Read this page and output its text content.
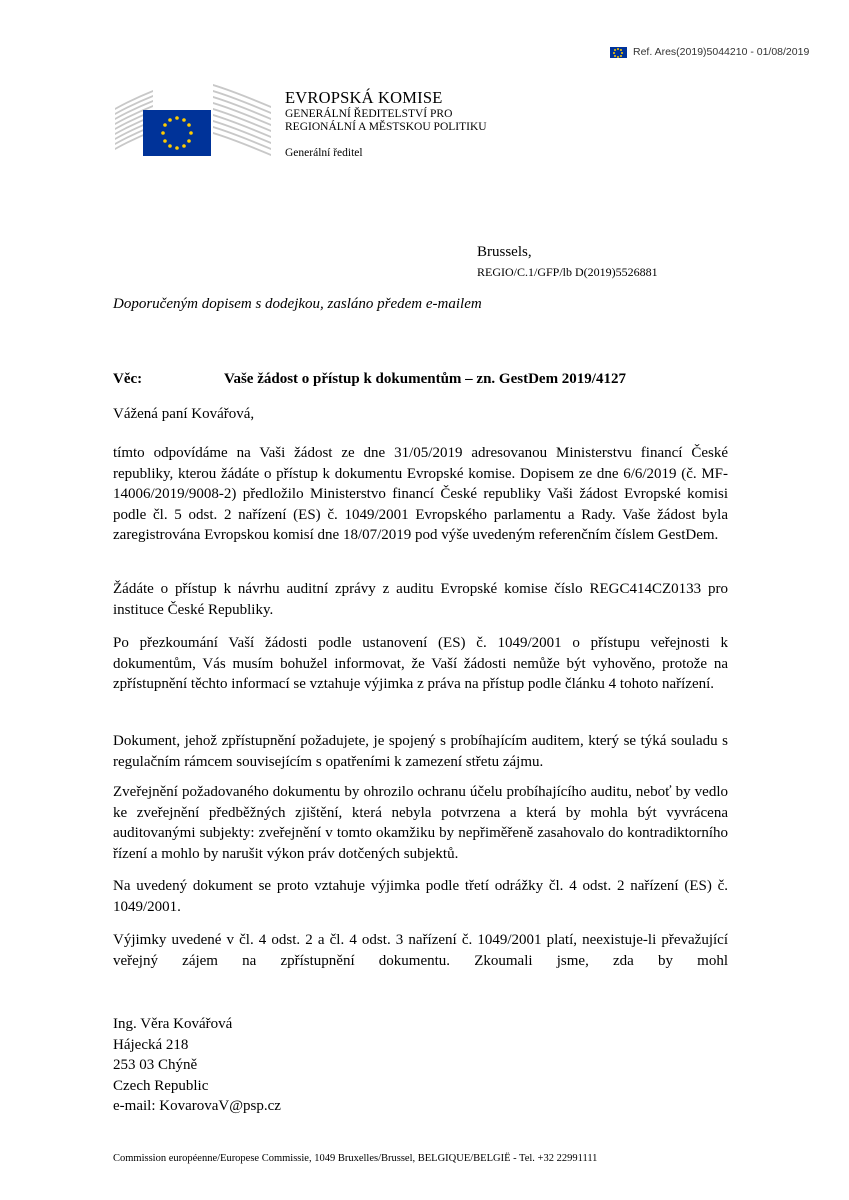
Ref. Ares(2019)5044210 - 01/08/2019
EVROPSKÁ KOMISE
GENERÁLNÍ ŘEDITELSTVÍ PRO
REGIONÁLNÍ A MĚSTSKOU POLITIKU
Generální ředitel
Brussels,
REGIO/C.1/GFP/lb D(2019)5526881
Doporučeným dopisem s dodejkou, zasláno předem e-mailem
Věc:	Vaše žádost o přístup k dokumentům – zn. GestDem 2019/4127
Vážená paní Kovářová,

tímto odpovídáme na Vaši žádost ze dne 31/05/2019 adresovanou Ministerstvu financí České republiky, kterou žádáte o přístup k dokumentu Evropské komise. Dopisem ze dne 6/6/2019 (č. MF-14006/2019/9008-2) předložilo Ministerstvo financí České republiky Vaši žádost Evropské komisi podle čl. 5 odst. 2 nařízení (ES) č. 1049/2001 Evropského parlamentu a Rady. Vaše žádost byla zaregistrována Evropskou komisí dne 18/07/2019 pod výše uvedeným referenčním číslem GestDem.

Žádáte o přístup k návrhu auditní zprávy z auditu Evropské komise číslo REGC414CZ0133 pro instituce České Republiky.

Po přezkoumání Vaší žádosti podle ustanovení (ES) č. 1049/2001 o přístupu veřejnosti k dokumentům, Vás musím bohužel informovat, že Vaší žádosti nemůže být vyhověno, protože na zpřístupnění těchto informací se vztahuje výjimka z práva na přístup podle článku 4 tohoto nařízení.

Dokument, jehož zpřístupnění požadujete, je spojený s probíhajícím auditem, který se týká souladu s regulačním rámcem souvisejícím s opatřeními k zamezení střetu zájmu.

Zveřejnění požadovaného dokumentu by ohrozilo ochranu účelu probíhajícího auditu, neboť by vedlo ke zveřejnění předběžných zjištění, která nebyla potvrzena a která by mohla být vyvrácena auditovanými subjekty: zveřejnění v tomto okamžiku by nepřiměřeně zasahovalo do kontradiktorního řízení a mohlo by narušit výkon práv dotčených subjektů.

Na uvedený dokument se proto vztahuje výjimka podle třetí odrážky čl. 4 odst. 2 nařízení (ES) č. 1049/2001.

Výjimky uvedené v čl. 4 odst. 2 a čl. 4 odst. 3 nařízení č. 1049/2001 platí, neexistuje-li převažující veřejný zájem na zpřístupnění dokumentu. Zkoumali jsme, zda by mohl

Ing. Věra Kovářová
Hájecká 218
253 03 Chýně
Czech Republic
e-mail: KovarovaV@psp.cz
Commission européenne/Europese Commissie, 1049 Bruxelles/Brussel, BELGIQUE/BELGIË - Tel. +32 22991111
